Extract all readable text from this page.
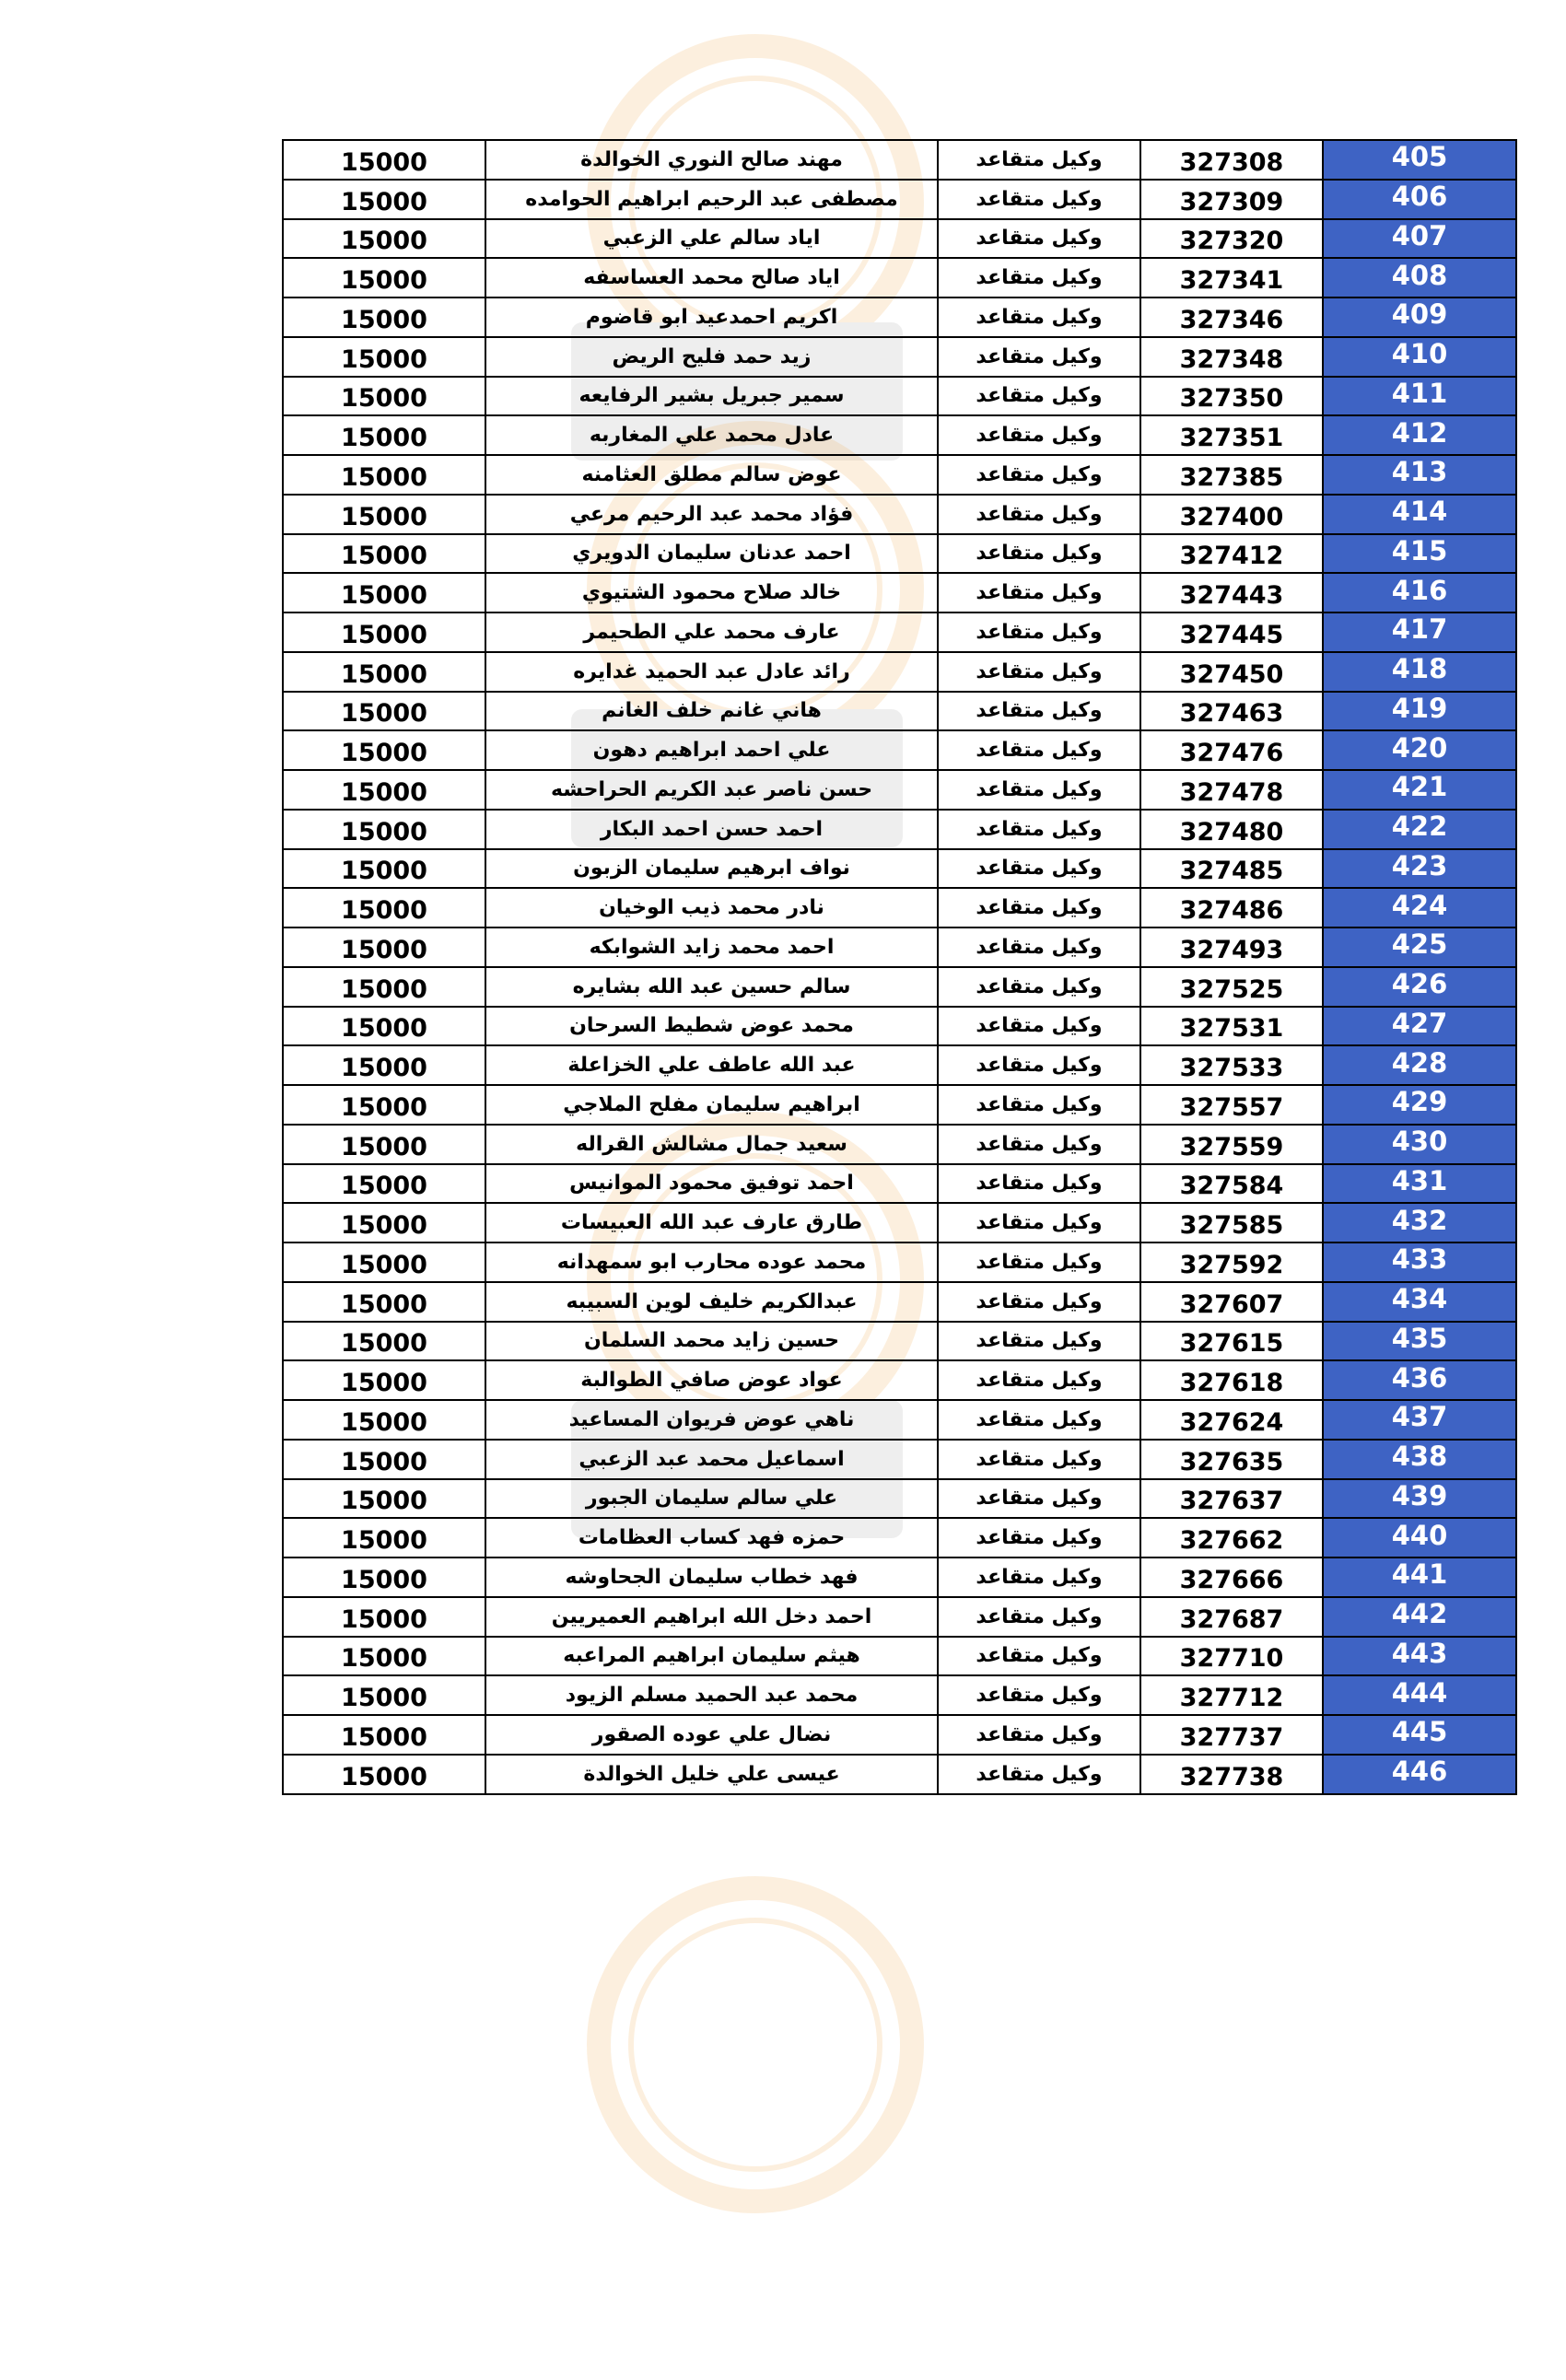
405	327308	وكيل متقاعد	مهند صالح النوري الخوالدة	15000
406	327309	وكيل متقاعد	مصطفى عبد الرحيم ابراهيم الحوامده	15000
407	327320	وكيل متقاعد	اياد سالم علي الزعبي	15000
408	327341	وكيل متقاعد	اياد صالح محمد العساسفه	15000
409	327346	وكيل متقاعد	اكريم احمدعيد ابو قاضوم	15000
410	327348	وكيل متقاعد	زيد حمد فليح الريض	15000
411	327350	وكيل متقاعد	سمير جبريل بشير الرفايعه	15000
412	327351	وكيل متقاعد	عادل محمد علي المغاربه	15000
413	327385	وكيل متقاعد	عوض سالم مطلق العثامنه	15000
414	327400	وكيل متقاعد	فؤاد محمد عبد الرحيم مرعي	15000
415	327412	وكيل متقاعد	احمد عدنان سليمان الدويري	15000
416	327443	وكيل متقاعد	خالد صلاح محمود الشتيوي	15000
417	327445	وكيل متقاعد	عارف محمد علي الطحيمر	15000
418	327450	وكيل متقاعد	رائد عادل عبد الحميد غدايره	15000
419	327463	وكيل متقاعد	هاني غانم خلف الغانم	15000
420	327476	وكيل متقاعد	علي احمد ابراهيم دهون	15000
421	327478	وكيل متقاعد	حسن ناصر عبد الكريم الحراحشه	15000
422	327480	وكيل متقاعد	احمد حسن احمد البكار	15000
423	327485	وكيل متقاعد	نواف ابرهيم سليمان الزبون	15000
424	327486	وكيل متقاعد	نادر محمد ذيب الوخيان	15000
425	327493	وكيل متقاعد	احمد محمد زايد الشوابكه	15000
426	327525	وكيل متقاعد	سالم حسين عبد الله بشايره	15000
427	327531	وكيل متقاعد	محمد عوض شطيط السرحان	15000
428	327533	وكيل متقاعد	عبد الله عاطف علي الخزاعلة	15000
429	327557	وكيل متقاعد	ابراهيم سليمان مفلح الملاجي	15000
430	327559	وكيل متقاعد	سعيد جمال مشالش القراله	15000
431	327584	وكيل متقاعد	احمد توفيق محمود الموانيس	15000
432	327585	وكيل متقاعد	طارق عارف عبد الله العبيسات	15000
433	327592	وكيل متقاعد	محمد عوده محارب ابو سمهدانه	15000
434	327607	وكيل متقاعد	عبدالكريم خليف لوين السبيبه	15000
435	327615	وكيل متقاعد	حسين زايد محمد السلمان	15000
436	327618	وكيل متقاعد	عواد عوض صافي الطوالبة	15000
437	327624	وكيل متقاعد	ناهي عوض فريوان المساعيد	15000
438	327635	وكيل متقاعد	اسماعيل محمد عبد الزعبي	15000
439	327637	وكيل متقاعد	علي سالم سليمان الجبور	15000
440	327662	وكيل متقاعد	حمزه فهد كساب العظامات	15000
441	327666	وكيل متقاعد	فهد خطاب سليمان الجحاوشه	15000
442	327687	وكيل متقاعد	احمد دخل الله ابراهيم العميريين	15000
443	327710	وكيل متقاعد	هيثم سليمان ابراهيم المراعبه	15000
444	327712	وكيل متقاعد	محمد عبد الحميد مسلم الزيود	15000
445	327737	وكيل متقاعد	نضال علي عوده الصقور	15000
446	327738	وكيل متقاعد	عيسى علي خليل الخوالدة	15000
